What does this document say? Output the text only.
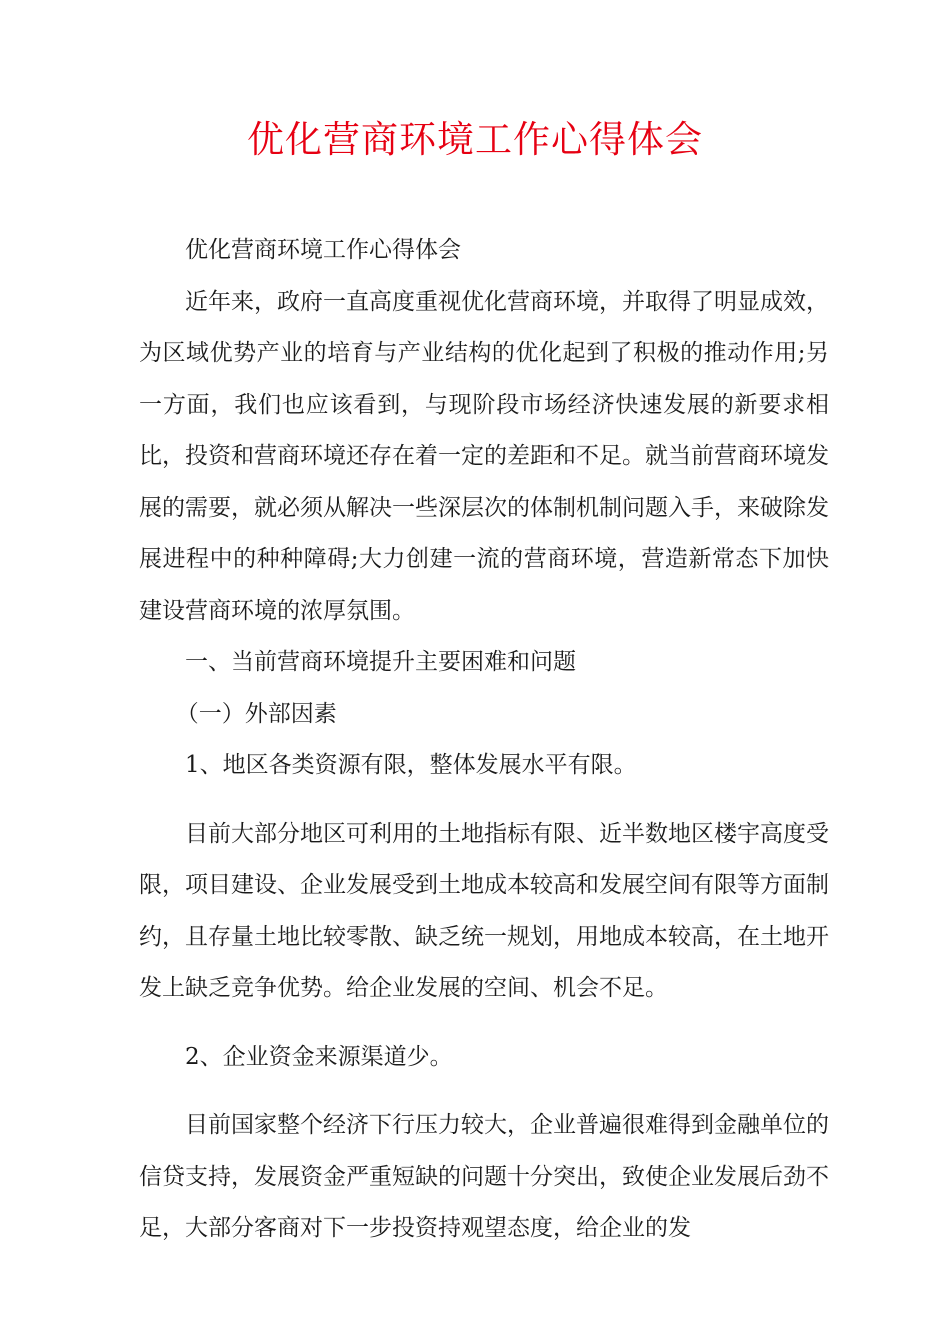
优化营商环境工作心得体会

优化营商环境工作心得体会

近年来，政府一直高度重视优化营商环境，并取得了明显成效，为区域优势产业的培育与产业结构的优化起到了积极的推动作用;另一方面，我们也应该看到，与现阶段市场经济快速发展的新要求相比，投资和营商环境还存在着一定的差距和不足。就当前营商环境发展的需要，就必须从解决一些深层次的体制机制问题入手，来破除发展进程中的种种障碍;大力创建一流的营商环境，营造新常态下加快建设营商环境的浓厚氛围。

一、当前营商环境提升主要困难和问题

（一）外部因素

1、地区各类资源有限，整体发展水平有限。

目前大部分地区可利用的土地指标有限、近半数地区楼宇高度受限，项目建设、企业发展受到土地成本较高和发展空间有限等方面制约，且存量土地比较零散、缺乏统一规划，用地成本较高，在土地开发上缺乏竞争优势。给企业发展的空间、机会不足。

2、企业资金来源渠道少。

目前国家整个经济下行压力较大，企业普遍很难得到金融单位的信贷支持，发展资金严重短缺的问题十分突出，致使企业发展后劲不足，大部分客商对下一步投资持观望态度，给企业的发
